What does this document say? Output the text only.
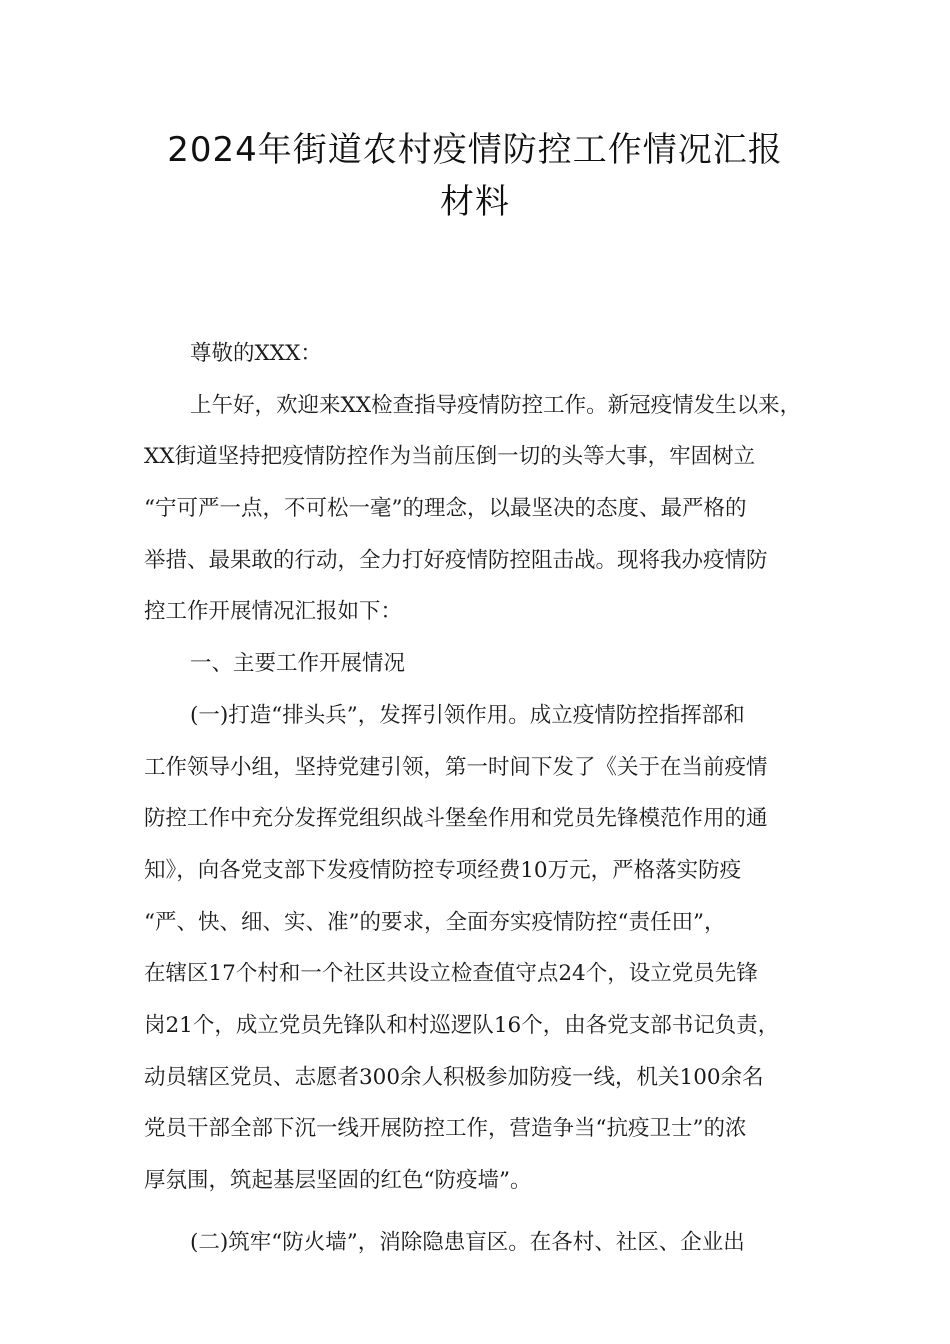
2024年街道农村疫情防控工作情况汇报
材料
尊敬的XXX：
上午好，欢迎来XX检查指导疫情防控工作。新冠疫情发生以来，
XX街道坚持把疫情防控作为当前压倒一切的头等大事，牢固树立
“宁可严一点，不可松一毫”的理念，以最坚决的态度、最严格的
举措、最果敢的行动，全力打好疫情防控阻击战。现将我办疫情防
控工作开展情况汇报如下：
一、主要工作开展情况
(一)打造“排头兵”，发挥引领作用。成立疫情防控指挥部和
工作领导小组，坚持党建引领，第一时间下发了《关于在当前疫情
防控工作中充分发挥党组织战斗堡垒作用和党员先锋模范作用的通
知》，向各党支部下发疫情防控专项经费10万元，严格落实防疫
“严、快、细、实、准”的要求，全面夯实疫情防控“责任田”，
在辖区17个村和一个社区共设立检查值守点24个，设立党员先锋
岗21个，成立党员先锋队和村巡逻队16个，由各党支部书记负责，
动员辖区党员、志愿者300余人积极参加防疫一线，机关100余名
党员干部全部下沉一线开展防控工作，营造争当“抗疫卫士”的浓
厚氛围，筑起基层坚固的红色“防疫墙”。
(二)筑牢“防火墙”，消除隐患盲区。在各村、社区、企业出
